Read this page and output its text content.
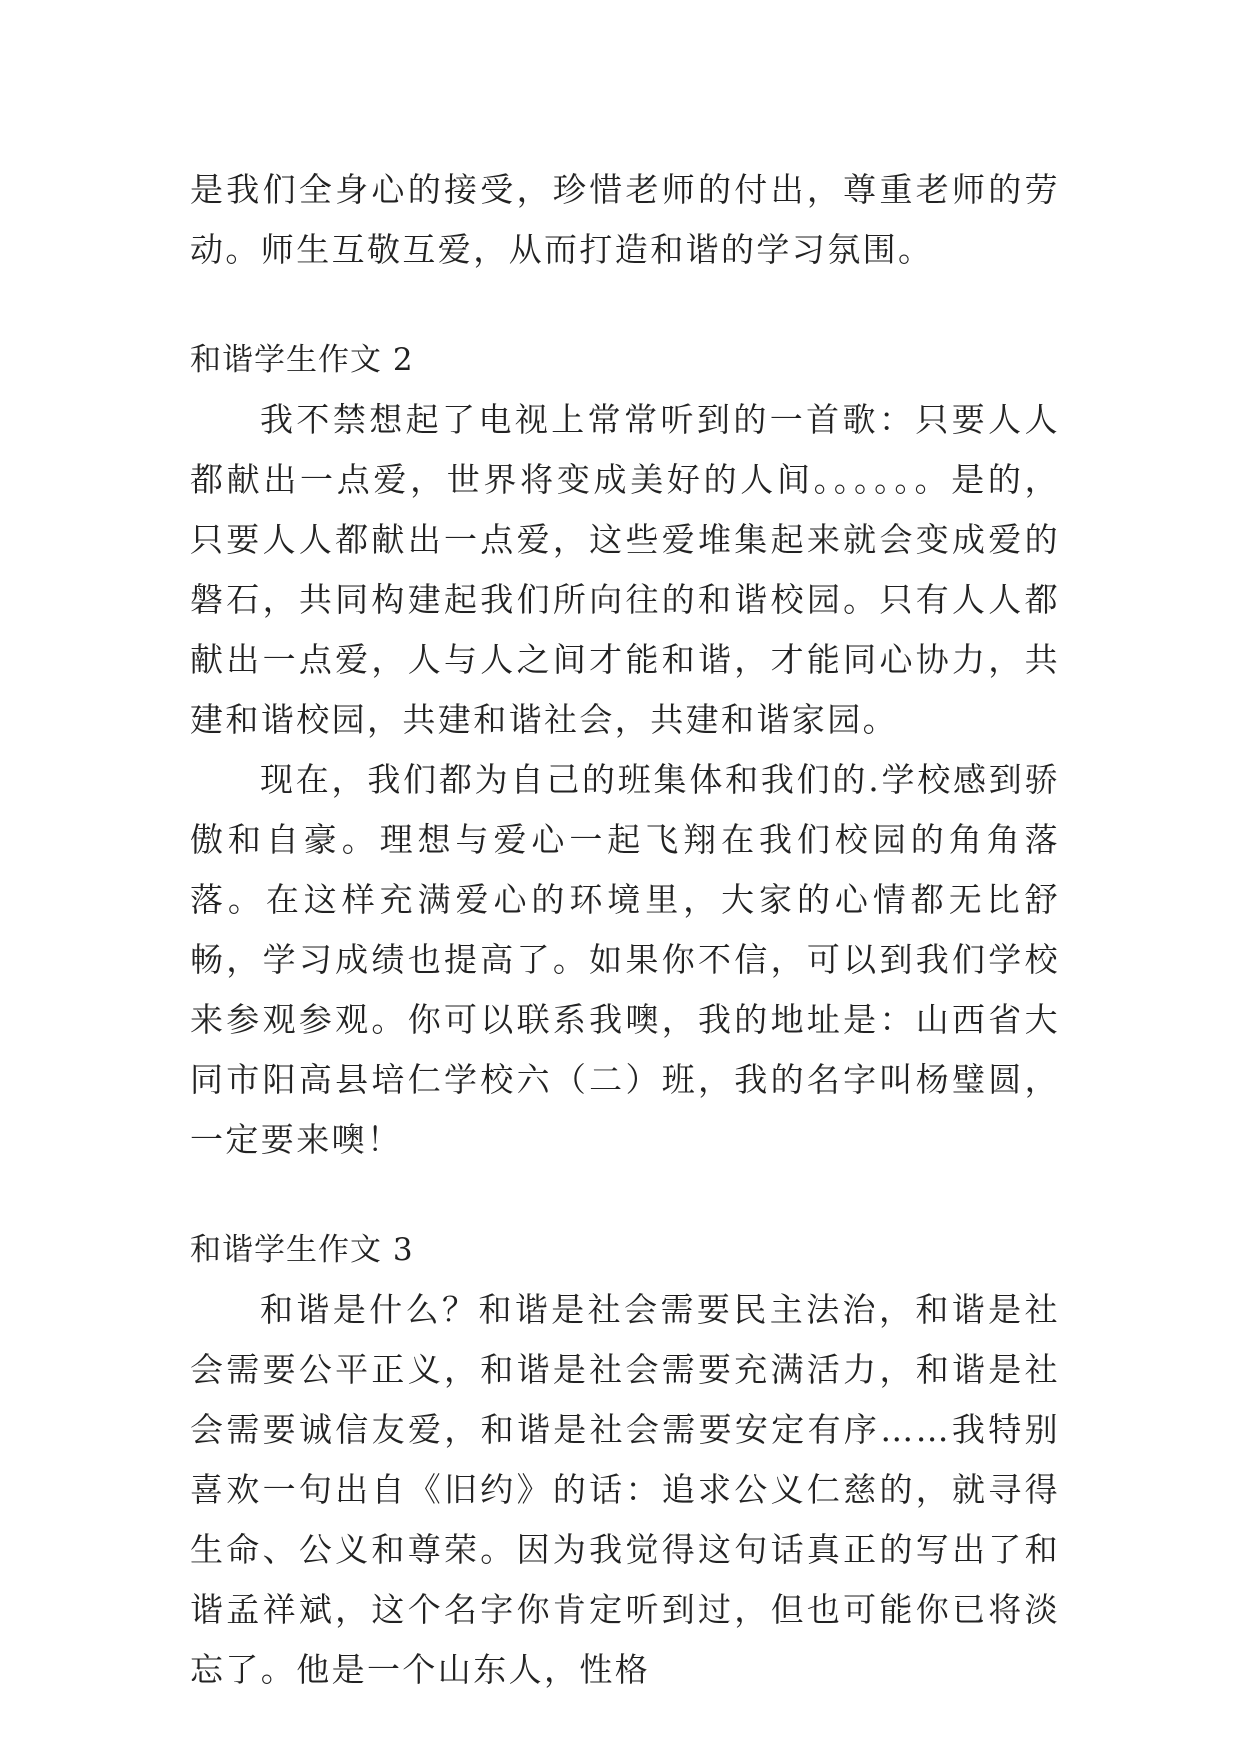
是我们全身心的接受，珍惜老师的付出，尊重老师的劳动。师生互敬互爱，从而打造和谐的学习氛围。

和谐学生作文 2

我不禁想起了电视上常常听到的一首歌：只要人人都献出一点爱，世界将变成美好的人间。。。。。。是的，只要人人都献出一点爱，这些爱堆集起来就会变成爱的磐石，共同构建起我们所向往的和谐校园。只有人人都献出一点爱，人与人之间才能和谐，才能同心协力，共建和谐校园，共建和谐社会，共建和谐家园。

现在，我们都为自己的班集体和我们的.学校感到骄傲和自豪。理想与爱心一起飞翔在我们校园的角角落落。在这样充满爱心的环境里，大家的心情都无比舒畅，学习成绩也提高了。如果你不信，可以到我们学校来参观参观。你可以联系我噢，我的地址是：山西省大同市阳高县培仁学校六（二）班，我的名字叫杨璧圆，一定要来噢！

和谐学生作文 3

和谐是什么？和谐是社会需要民主法治，和谐是社会需要公平正义，和谐是社会需要充满活力，和谐是社会需要诚信友爱，和谐是社会需要安定有序……我特别喜欢一句出自《旧约》的话：追求公义仁慈的，就寻得生命、公义和尊荣。因为我觉得这句话真正的写出了和谐孟祥斌，这个名字你肯定听到过，但也可能你已将淡忘了。他是一个山东人，性格
